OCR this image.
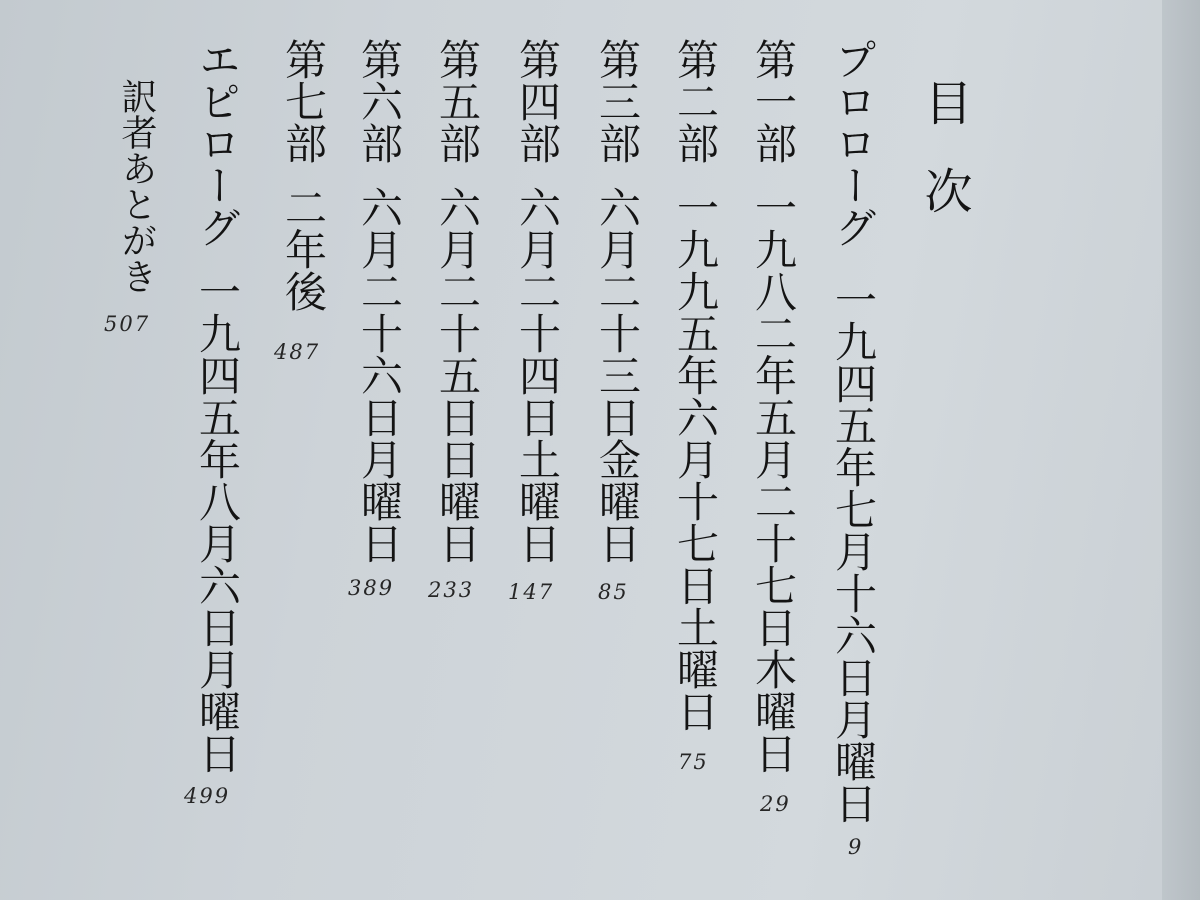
目次
プロローグ一九四五年七月十六日月曜日
9
第一部一九八二年五月二十七日木曜日
29
第二部一九九五年六月十七日土曜日
75
第三部六月二十三日金曜日
85
第四部六月二十四日土曜日
147
第五部六月二十五日日曜日
233
第六部六月二十六日月曜日
389
第七部二年後
487
エピローグ一九四五年八月六日月曜日
499
訳者あとがき
507
